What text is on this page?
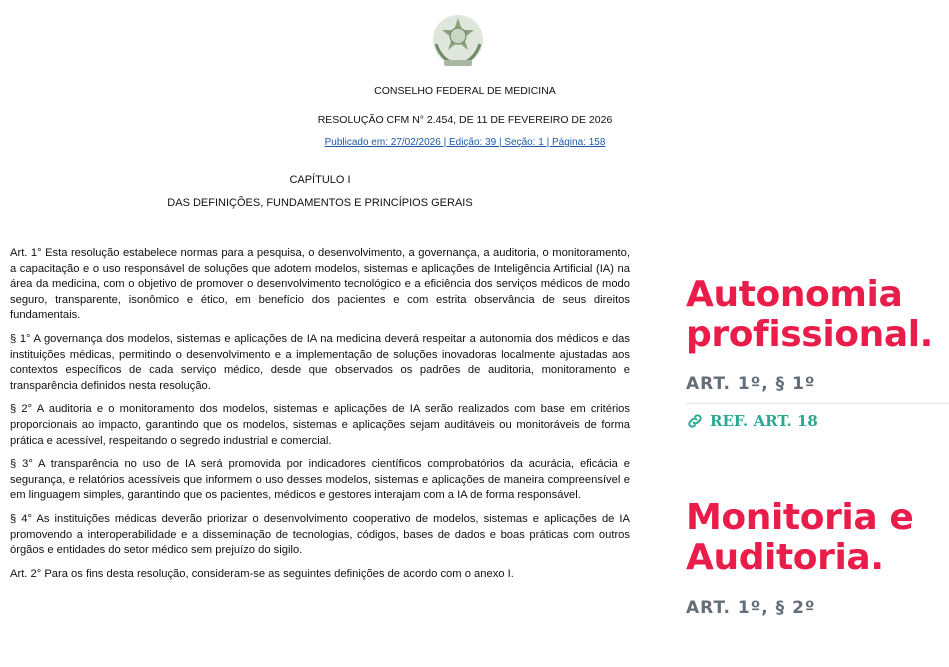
CONSELHO FEDERAL DE MEDICINA
RESOLUÇÃO CFM N° 2.454, DE 11 DE FEVEREIRO DE 2026
Publicado em: 27/02/2026 | Edição: 39 | Seção: 1 | Página: 158
CAPÍTULO I
DAS DEFINIÇÕES, FUNDAMENTOS E PRINCÍPIOS GERAIS

Art. 1° Esta resolução estabelece normas para a pesquisa, o desenvolvimento, a governança, a auditoria, o monitoramento, a capacitação e o uso responsável de soluções que adotem modelos, sistemas e aplicações de Inteligência Artificial (IA) na área da medicina, com o objetivo de promover o desenvolvimento tecnológico e a eficiência dos serviços médicos de modo seguro, transparente, isonômico e ético, em benefício dos pacientes e com estrita observância de seus direitos fundamentais.

§ 1° A governança dos modelos, sistemas e aplicações de IA na medicina deverá respeitar a autonomia dos médicos e das instituições médicas, permitindo o desenvolvimento e a implementação de soluções inovadoras localmente ajustadas aos contextos específicos de cada serviço médico, desde que observados os padrões de auditoria, monitoramento e transparência definidos nesta resolução.

§ 2° A auditoria e o monitoramento dos modelos, sistemas e aplicações de IA serão realizados com base em critérios proporcionais ao impacto, garantindo que os modelos, sistemas e aplicações sejam auditáveis ou monitoráveis de forma prática e acessível, respeitando o segredo industrial e comercial.

§ 3° A transparência no uso de IA será promovida por indicadores científicos comprobatórios da acurácia, eficácia e segurança, e relatórios acessíveis que informem o uso desses modelos, sistemas e aplicações de maneira compreensível e em linguagem simples, garantindo que os pacientes, médicos e gestores interajam com a IA de forma responsável.

§ 4° As instituições médicas deverão priorizar o desenvolvimento cooperativo de modelos, sistemas e aplicações de IA promovendo a interoperabilidade e a disseminação de tecnologias, códigos, bases de dados e boas práticas com outros órgãos e entidades do setor médico sem prejuízo do sigilo.

Art. 2° Para os fins desta resolução, consideram-se as seguintes definições de acordo com o anexo I.

Autonomia
profissional.
ART. 1º, § 1º
REF. ART. 18
Monitoria e
Auditoria.
ART. 1º, § 2º
